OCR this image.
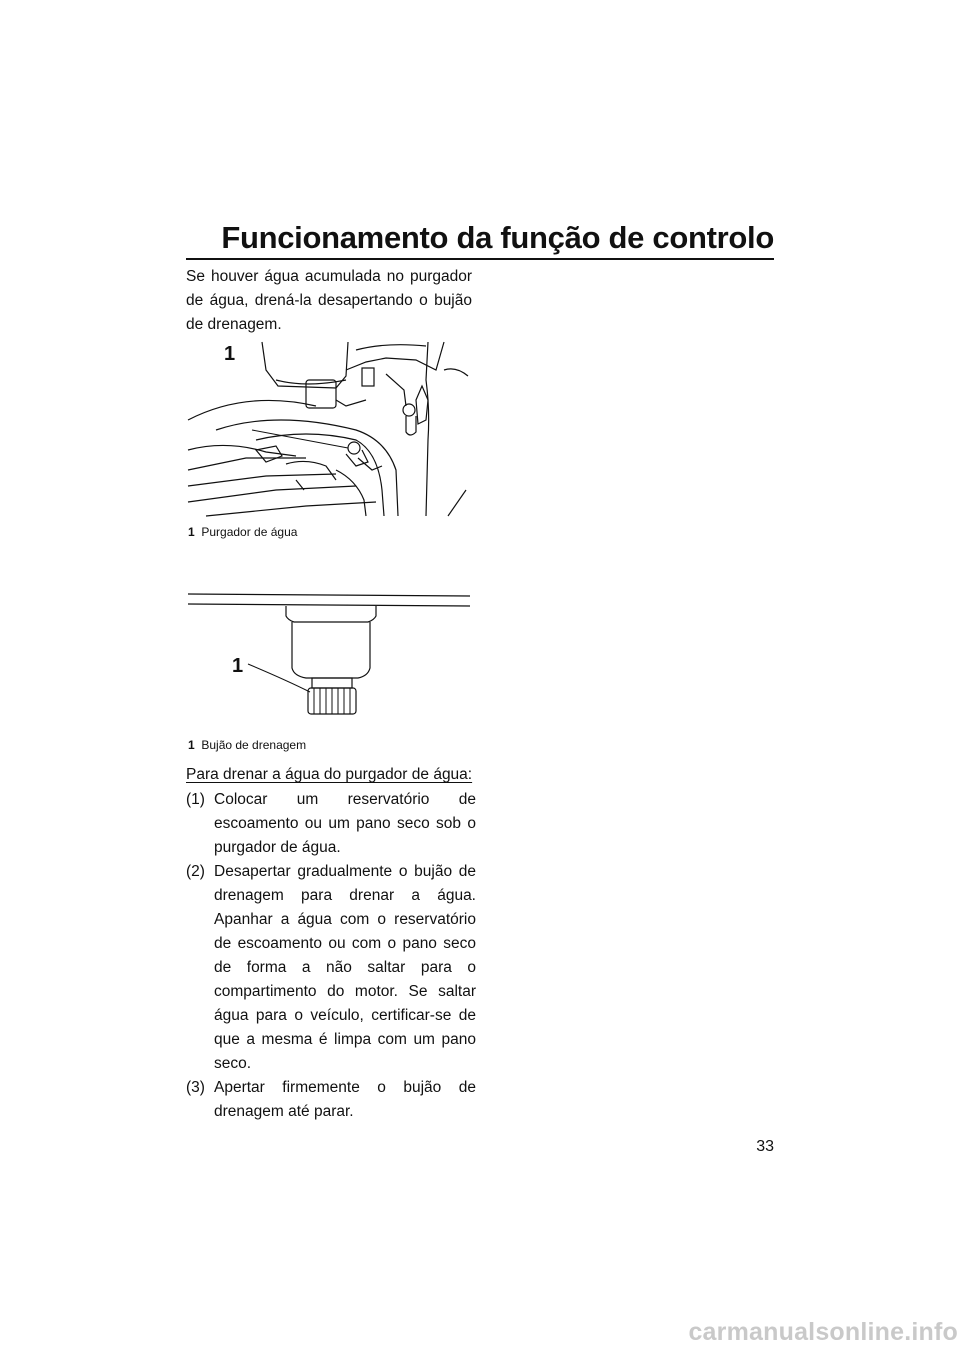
Funcionamento da função de controlo
Se houver água acumulada no purgador de água, drená-la desapertando o bujão de drenagem.
1
1 Purgador de água
1
1 Bujão de drenagem
Para drenar a água do purgador de água:
(1) Colocar um reservatório de escoamento ou um pano seco sob o purgador de água.
(2) Desapertar gradualmente o bujão de drenagem para drenar a água. Apanhar a água com o reservatório de escoamento ou com o pano seco de forma a não saltar para o compartimento do motor. Se saltar água para o veículo, certificar-se de que a mesma é limpa com um pano seco.
(3) Apertar firmemente o bujão de drenagem até parar.
33
carmanualsonline.info
